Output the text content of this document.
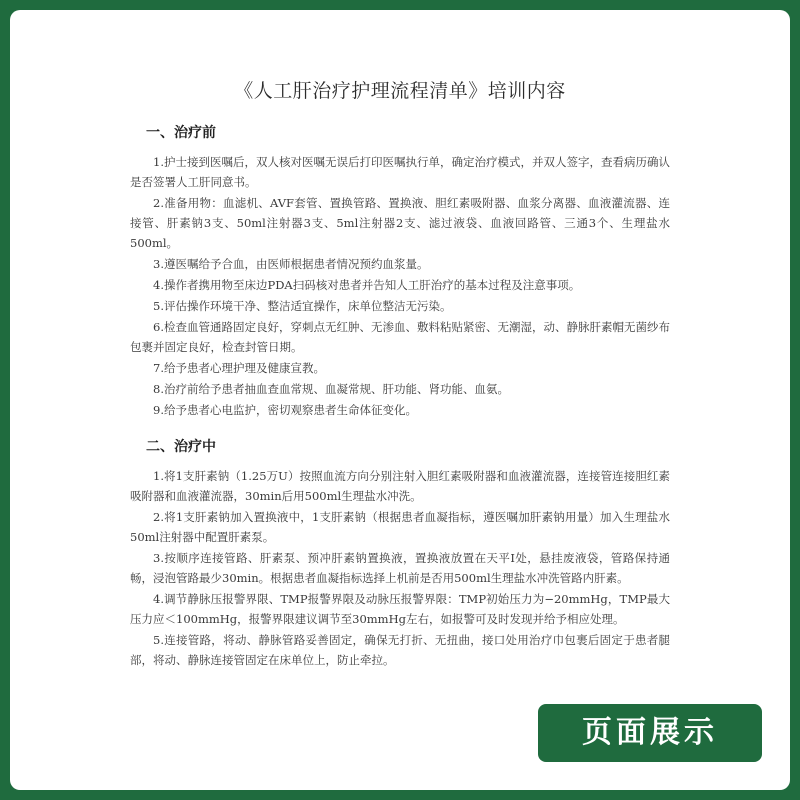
《人工肝治疗护理流程清单》培训内容
一、治疗前

1.护士接到医嘱后，双人核对医嘱无误后打印医嘱执行单，确定治疗模式，并双人签字，查看病历确认是否签署人工肝同意书。

2.准备用物：血滤机、AVF套管、置换管路、置换液、胆红素吸附器、血浆分离器、血液灌流器、连接管、肝素钠3支、50ml注射器3支、5ml注射器2支、滤过液袋、血液回路管、三通3个、生理盐水500ml。

3.遵医嘱给予合血，由医师根据患者情况预约血浆量。

4.操作者携用物至床边PDA扫码核对患者并告知人工肝治疗的基本过程及注意事项。

5.评估操作环境干净、整洁适宜操作，床单位整洁无污染。

6.检查血管通路固定良好，穿刺点无红肿、无渗血、敷料粘贴紧密、无潮湿，动、静脉肝素帽无菌纱布包裹并固定良好，检查封管日期。

7.给予患者心理护理及健康宣教。

8.治疗前给予患者抽血查血常规、血凝常规、肝功能、肾功能、血氨。

9.给予患者心电监护，密切观察患者生命体征变化。

二、治疗中

1.将1支肝素钠（1.25万U）按照血流方向分别注射入胆红素吸附器和血液灌流器，连接管连接胆红素吸附器和血液灌流器，30min后用500ml生理盐水冲洗。

2.将1支肝素钠加入置换液中，1支肝素钠（根据患者血凝指标，遵医嘱加肝素钠用量）加入生理盐水50ml注射器中配置肝素泵。

3.按顺序连接管路、肝素泵、预冲肝素钠置换液，置换液放置在天平Ⅰ处，悬挂废液袋，管路保持通畅，浸泡管路最少30min。根据患者血凝指标选择上机前是否用500ml生理盐水冲洗管路内肝素。

4.调节静脉压报警界限、TMP报警界限及动脉压报警界限：TMP初始压力为−20mmHg，TMP最大压力应＜100mmHg，报警界限建议调节至30mmHg左右，如报警可及时发现并给予相应处理。

5.连接管路，将动、静脉管路妥善固定，确保无打折、无扭曲，接口处用治疗巾包裹后固定于患者腿部，将动、静脉连接管固定在床单位上，防止牵拉。

页面展示
